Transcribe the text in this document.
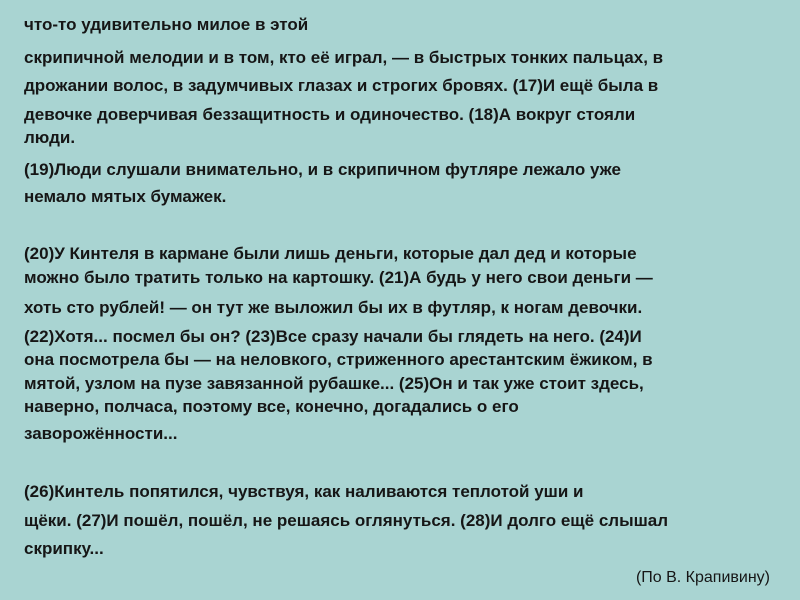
что-то удивительно милое в этой

скрипичной мелодии и в том, кто её играл, — в быстрых тонких пальцах, в

дрожании волос, в задумчивых глазах и строгих бровях. (17)И ещё была в

девочке доверчивая беззащитность и одиночество. (18)А вокруг стояли

люди.

(19)Люди слушали внимательно, и в скрипичном футляре лежало уже

немало мятых бумажек.

(20)У Кинтеля в кармане были лишь деньги, которые дал дед и которые

можно было тратить только на картошку. (21)А будь у него свои деньги —

хоть сто рублей! — он тут же выложил бы их в футляр, к ногам девочки.

(22)Хотя... посмел бы он? (23)Все сразу начали бы глядеть на него. (24)И

она посмотрела бы — на неловкого, стриженного арестантским ёжиком, в

мятой, узлом на пузе завязанной рубашке... (25)Он и так уже стоит здесь,

наверно, полчаса, поэтому все, конечно, догадались о его

заворожённости...

(26)Кинтель попятился, чувствуя, как наливаются теплотой уши и

щёки. (27)И пошёл, пошёл, не решаясь оглянуться. (28)И долго ещё слышал

скрипку...

(По В. Крапивину)
